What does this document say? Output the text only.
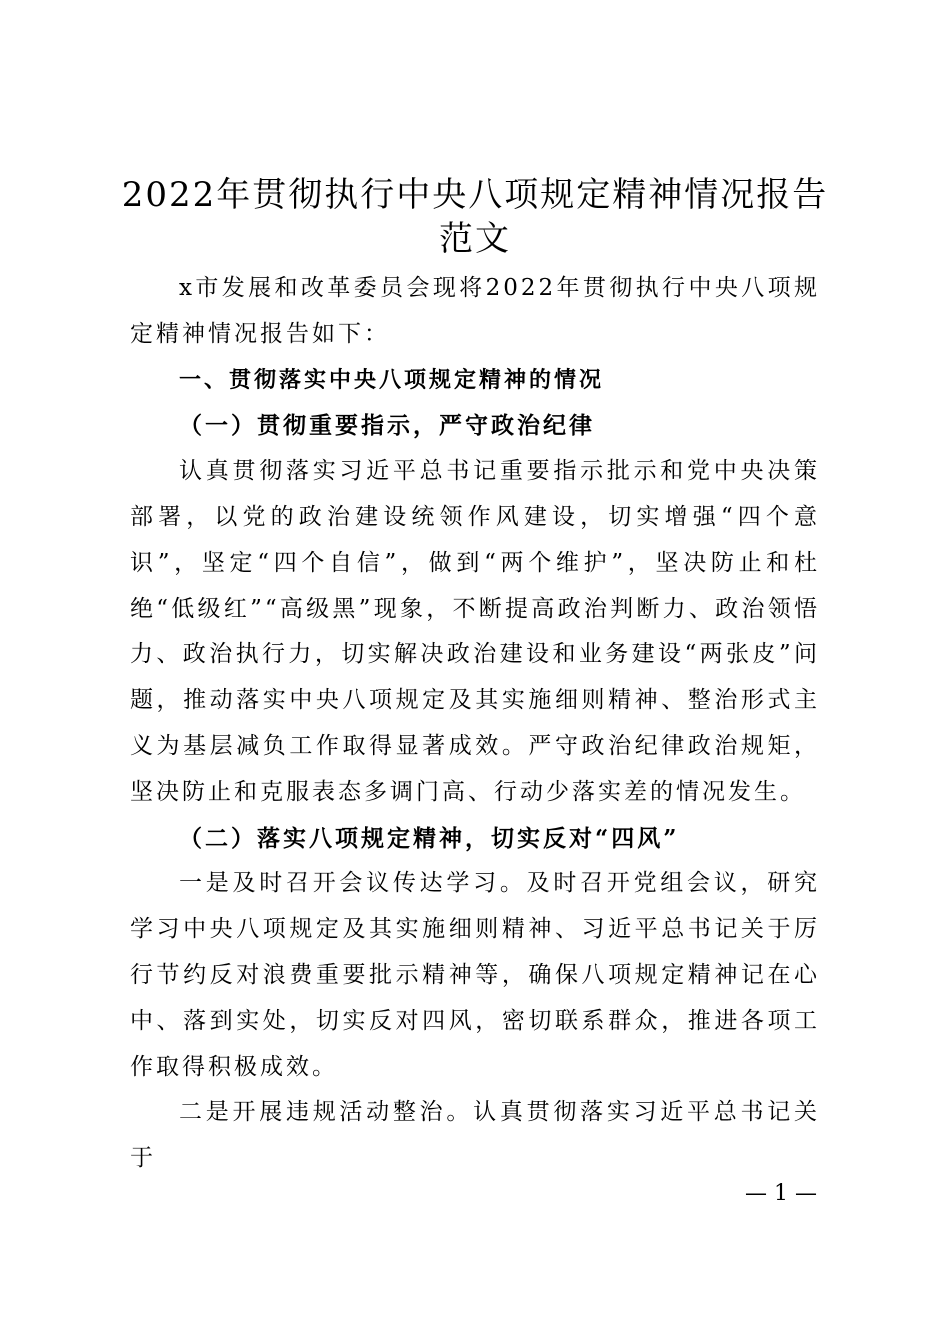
2022年贯彻执行中央八项规定精神情况报告
范文

x市发展和改革委员会现将2022年贯彻执行中央八项规定精神情况报告如下：

一、贯彻落实中央八项规定精神的情况

（一）贯彻重要指示，严守政治纪律

认真贯彻落实习近平总书记重要指示批示和党中央决策部署，以党的政治建设统领作风建设，切实增强“四个意识”，坚定“四个自信”，做到“两个维护”，坚决防止和杜绝“低级红”“高级黑”现象，不断提高政治判断力、政治领悟力、政治执行力，切实解决政治建设和业务建设“两张皮”问题，推动落实中央八项规定及其实施细则精神、整治形式主义为基层减负工作取得显著成效。严守政治纪律政治规矩，坚决防止和克服表态多调门高、行动少落实差的情况发生。

（二）落实八项规定精神，切实反对“四风”

一是及时召开会议传达学习。及时召开党组会议，研究学习中央八项规定及其实施细则精神、习近平总书记关于厉行节约反对浪费重要批示精神等，确保八项规定精神记在心中、落到实处，切实反对四风，密切联系群众，推进各项工作取得积极成效。

二是开展违规活动整治。认真贯彻落实习近平总书记关于

— 1 —
